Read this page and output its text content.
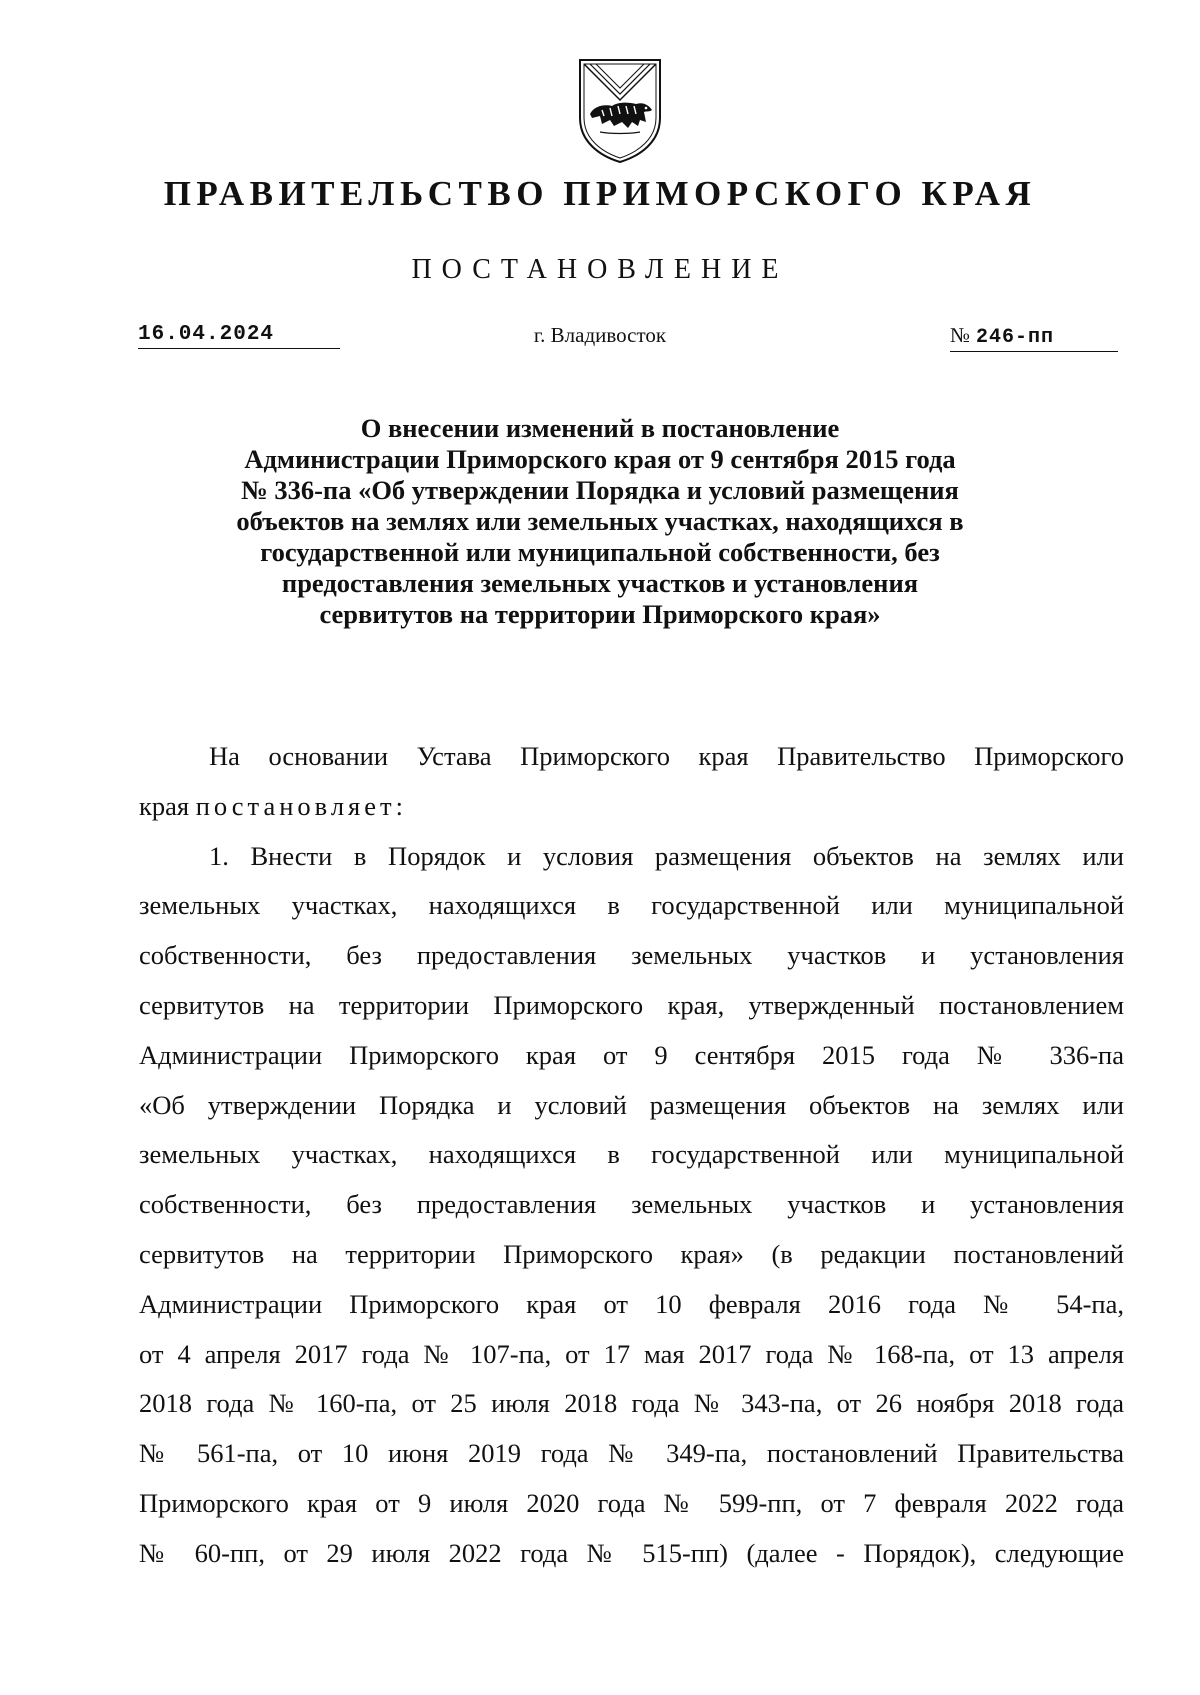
ПРАВИТЕЛЬСТВО ПРИМОРСКОГО КРАЯ
ПОСТАНОВЛЕНИЕ
16.04.2024	г. Владивосток	№ 246-пп
О внесении изменений в постановление
Администрации Приморского края от 9 сентября 2015 года
№ 336-па «Об утверждении Порядка и условий размещения
объектов на землях или земельных участках, находящихся в
государственной или муниципальной собственности, без
предоставления земельных участков и установления
сервитутов на территории Приморского края»
На основании Устава Приморского края Правительство Приморского
края постановляет:
1. Внести в Порядок и условия размещения объектов на землях или
земельных участках, находящихся в государственной или муниципальной
собственности, без предоставления земельных участков и установления
сервитутов на территории Приморского края, утвержденный постановлением
Администрации Приморского края от 9 сентября 2015 года № 336-па
«Об утверждении Порядка и условий размещения объектов на землях или
земельных участках, находящихся в государственной или муниципальной
собственности, без предоставления земельных участков и установления
сервитутов на территории Приморского края» (в редакции постановлений
Администрации Приморского края от 10 февраля 2016 года № 54-па,
от 4 апреля 2017 года № 107-па, от 17 мая 2017 года № 168-па, от 13 апреля
2018 года № 160-па, от 25 июля 2018 года № 343-па, от 26 ноября 2018 года
№ 561-па, от 10 июня 2019 года № 349-па, постановлений Правительства
Приморского края от 9 июля 2020 года № 599-пп, от 7 февраля 2022 года
№ 60-пп, от 29 июля 2022 года № 515-пп) (далее - Порядок), следующие
